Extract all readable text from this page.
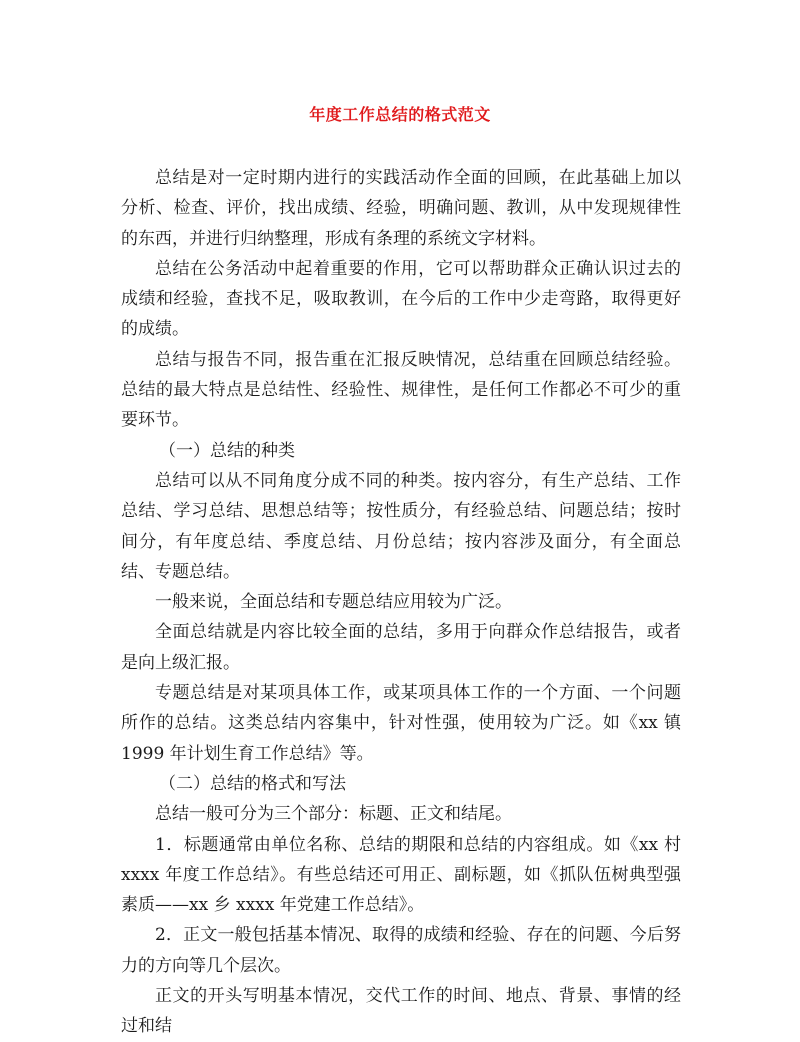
年度工作总结的格式范文

总结是对一定时期内进行的实践活动作全面的回顾，在此基础上加以分析、检查、评价，找出成绩、经验，明确问题、教训，从中发现规律性的东西，并进行归纳整理，形成有条理的系统文字材料。

总结在公务活动中起着重要的作用，它可以帮助群众正确认识过去的成绩和经验，查找不足，吸取教训，在今后的工作中少走弯路，取得更好的成绩。

总结与报告不同，报告重在汇报反映情况，总结重在回顾总结经验。总结的最大特点是总结性、经验性、规律性，是任何工作都必不可少的重要环节。

（一）总结的种类

总结可以从不同角度分成不同的种类。按内容分，有生产总结、工作总结、学习总结、思想总结等；按性质分，有经验总结、问题总结；按时间分，有年度总结、季度总结、月份总结；按内容涉及面分，有全面总结、专题总结。

一般来说，全面总结和专题总结应用较为广泛。

全面总结就是内容比较全面的总结，多用于向群众作总结报告，或者是向上级汇报。

专题总结是对某项具体工作，或某项具体工作的一个方面、一个问题所作的总结。这类总结内容集中，针对性强，使用较为广泛。如《xx 镇 1999 年计划生育工作总结》等。

（二）总结的格式和写法

总结一般可分为三个部分：标题、正文和结尾。

1．标题通常由单位名称、总结的期限和总结的内容组成。如《xx 村 xxxx 年度工作总结》。有些总结还可用正、副标题，如《抓队伍树典型强素质——xx 乡 xxxx 年党建工作总结》。

2．正文一般包括基本情况、取得的成绩和经验、存在的问题、今后努力的方向等几个层次。

正文的开头写明基本情况，交代工作的时间、地点、背景、事情的经过和结
